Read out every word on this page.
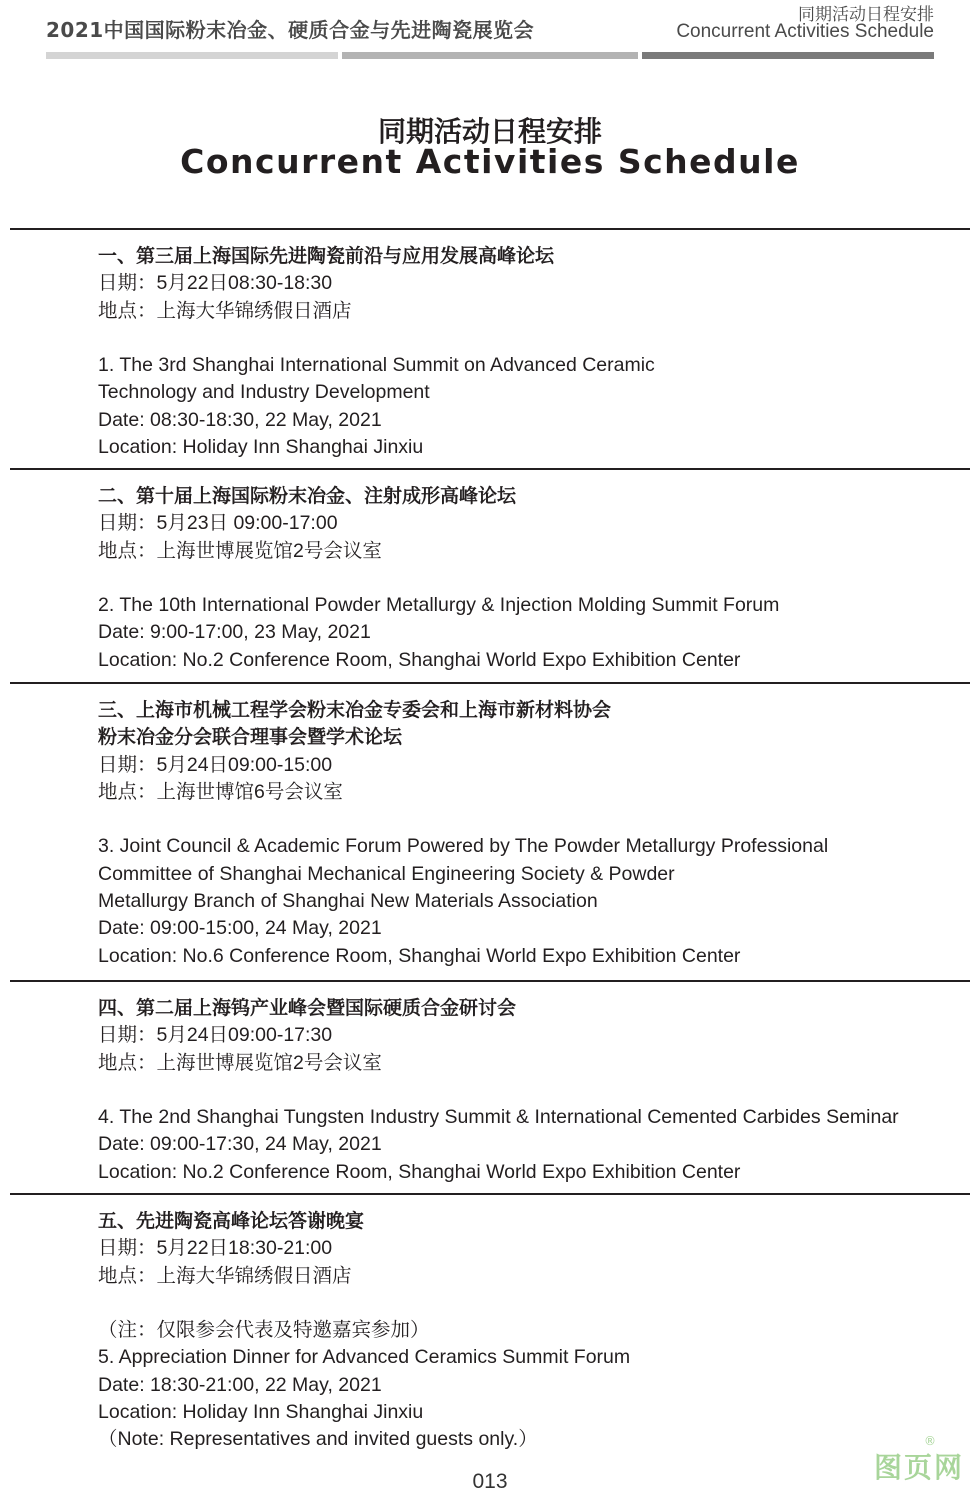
2021中国国际粉末冶金、硬质合金与先进陶瓷展览会
同期活动日程安排
Concurrent Activities Schedule
同期活动日程安排
Concurrent Activities Schedule
一、第三届上海国际先进陶瓷前沿与应用发展高峰论坛
日期：5月22日08:30-18:30
地点：上海大华锦绣假日酒店
1. The 3rd Shanghai International Summit on Advanced Ceramic
Technology and Industry Development
Date: 08:30-18:30, 22 May, 2021
Location: Holiday Inn Shanghai Jinxiu
二、第十届上海国际粉末冶金、注射成形高峰论坛
日期：5月23日 09:00-17:00
地点：上海世博展览馆2号会议室
2. The 10th International Powder Metallurgy & Injection Molding Summit Forum
Date: 9:00-17:00, 23 May, 2021
Location: No.2 Conference Room, Shanghai World Expo Exhibition Center
三、上海市机械工程学会粉末冶金专委会和上海市新材料协会
粉末冶金分会联合理事会暨学术论坛
日期：5月24日09:00-15:00
地点：上海世博馆6号会议室
3. Joint Council & Academic Forum Powered by The Powder Metallurgy Professional
Committee of Shanghai Mechanical Engineering Society & Powder
Metallurgy Branch of Shanghai New Materials Association
Date: 09:00-15:00, 24 May, 2021
Location: No.6 Conference Room, Shanghai World Expo Exhibition Center
四、第二届上海钨产业峰会暨国际硬质合金研讨会
日期：5月24日09:00-17:30
地点：上海世博展览馆2号会议室
4. The 2nd Shanghai Tungsten Industry Summit & International Cemented Carbides Seminar
Date: 09:00-17:30, 24 May, 2021
Location: No.2 Conference Room, Shanghai World Expo Exhibition Center
五、先进陶瓷高峰论坛答谢晚宴
日期：5月22日18:30-21:00
地点：上海大华锦绣假日酒店
（注：仅限参会代表及特邀嘉宾参加）
5. Appreciation Dinner for Advanced Ceramics Summit Forum
Date: 18:30-21:00, 22 May, 2021
Location: Holiday Inn Shanghai Jinxiu
（Note: Representatives and invited guests only.）
013	图页网
®
